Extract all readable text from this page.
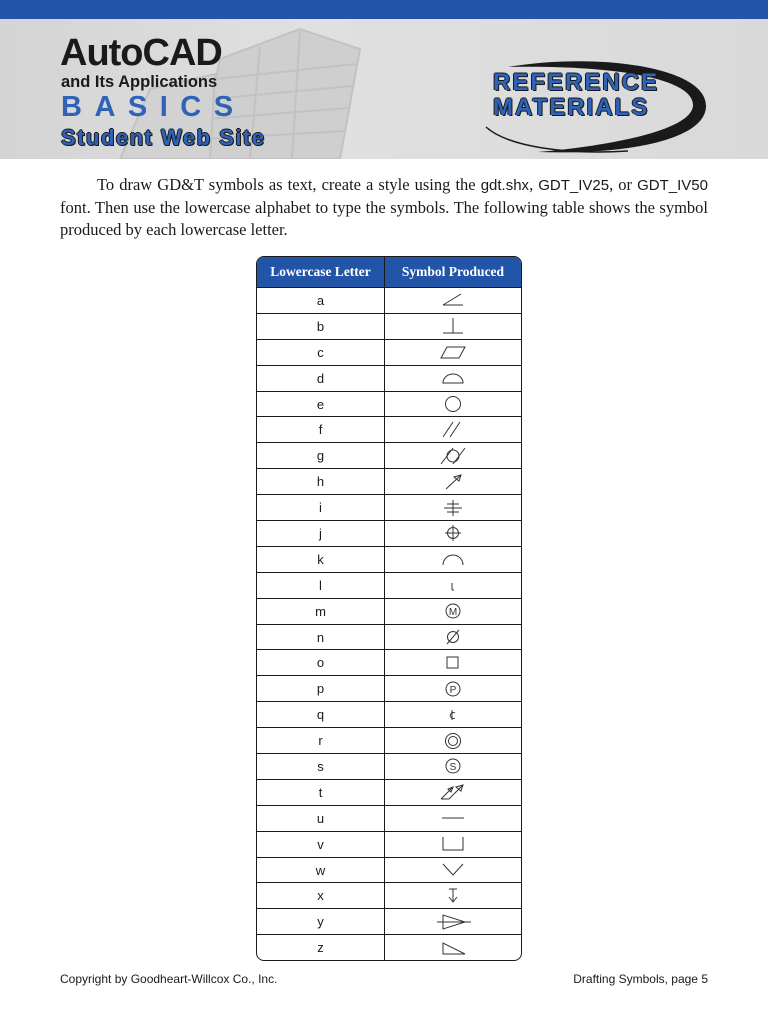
AutoCAD
and Its Applications
BASICS
Student Web Site
REFERENCE
MATERIALS

To draw GD&T symbols as text, create a style using the gdt.shx, GDT_IV25, or GDT_IV50 font. Then use the lowercase alphabet to type the symbols. The following table shows the symbol produced by each lowercase letter.

Lowercase Letter	Symbol Produced
a
b
c
d
e
f
g
h
i
j
k
l
m	M
n
o
p	P
q
r
s	S
t
u
v
w
x
y
z
Copyright by Goodheart-Willcox Co., Inc.	Drafting Symbols, page 5
